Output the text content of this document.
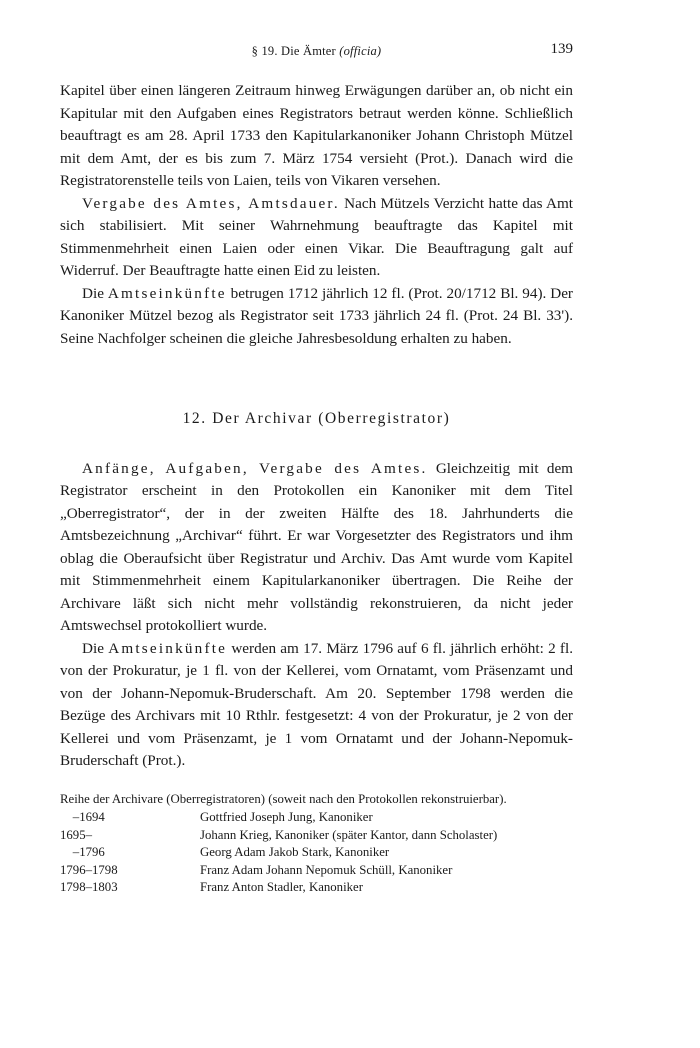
§ 19. Die Ämter (officia)	139

Kapitel über einen längeren Zeitraum hinweg Erwägungen darüber an, ob nicht ein Kapitular mit den Aufgaben eines Registrators betraut werden könne. Schließlich beauftragt es am 28. April 1733 den Kapitularkanoniker Johann Christoph Mützel mit dem Amt, der es bis zum 7. März 1754 versieht (Prot.). Danach wird die Registratorenstelle teils von Laien, teils von Vikaren versehen.

Vergabe des Amtes, Amtsdauer. Nach Mützels Verzicht hatte das Amt sich stabilisiert. Mit seiner Wahrnehmung beauftragte das Kapitel mit Stimmenmehrheit einen Laien oder einen Vikar. Die Beauftragung galt auf Widerruf. Der Beauftragte hatte einen Eid zu leisten.

Die Amtseinkünfte betrugen 1712 jährlich 12 fl. (Prot. 20/1712 Bl. 94). Der Kanoniker Mützel bezog als Registrator seit 1733 jährlich 24 fl. (Prot. 24 Bl. 33'). Seine Nachfolger scheinen die gleiche Jahresbesoldung erhalten zu haben.

12. Der Archivar (Oberregistrator)

Anfänge, Aufgaben, Vergabe des Amtes. Gleichzeitig mit dem Registrator erscheint in den Protokollen ein Kanoniker mit dem Titel „Oberregistrator“, der in der zweiten Hälfte des 18. Jahrhunderts die Amtsbezeichnung „Archivar“ führt. Er war Vorgesetzter des Registrators und ihm oblag die Oberaufsicht über Registratur und Archiv. Das Amt wurde vom Kapitel mit Stimmenmehrheit einem Kapitularkanoniker übertragen. Die Reihe der Archivare läßt sich nicht mehr vollständig rekonstruieren, da nicht jeder Amtswechsel protokolliert wurde.

Die Amtseinkünfte werden am 17. März 1796 auf 6 fl. jährlich erhöht: 2 fl. von der Prokuratur, je 1 fl. von der Kellerei, vom Ornatamt, vom Präsenzamt und von der Johann-Nepomuk-Bruderschaft. Am 20. September 1798 werden die Bezüge des Archivars mit 10 Rthlr. festgesetzt: 4 von der Prokuratur, je 2 von der Kellerei und vom Präsenzamt, je 1 vom Ornatamt und der Johann-Nepomuk-Bruderschaft (Prot.).

Reihe der Archivare (Oberregistratoren) (soweit nach den Protokollen rekonstruierbar).

–1694	Gottfried Joseph Jung, Kanoniker
1695–	Johann Krieg, Kanoniker (später Kantor, dann Scholaster)
–1796	Georg Adam Jakob Stark, Kanoniker
1796–1798	Franz Adam Johann Nepomuk Schüll, Kanoniker
1798–1803	Franz Anton Stadler, Kanoniker
